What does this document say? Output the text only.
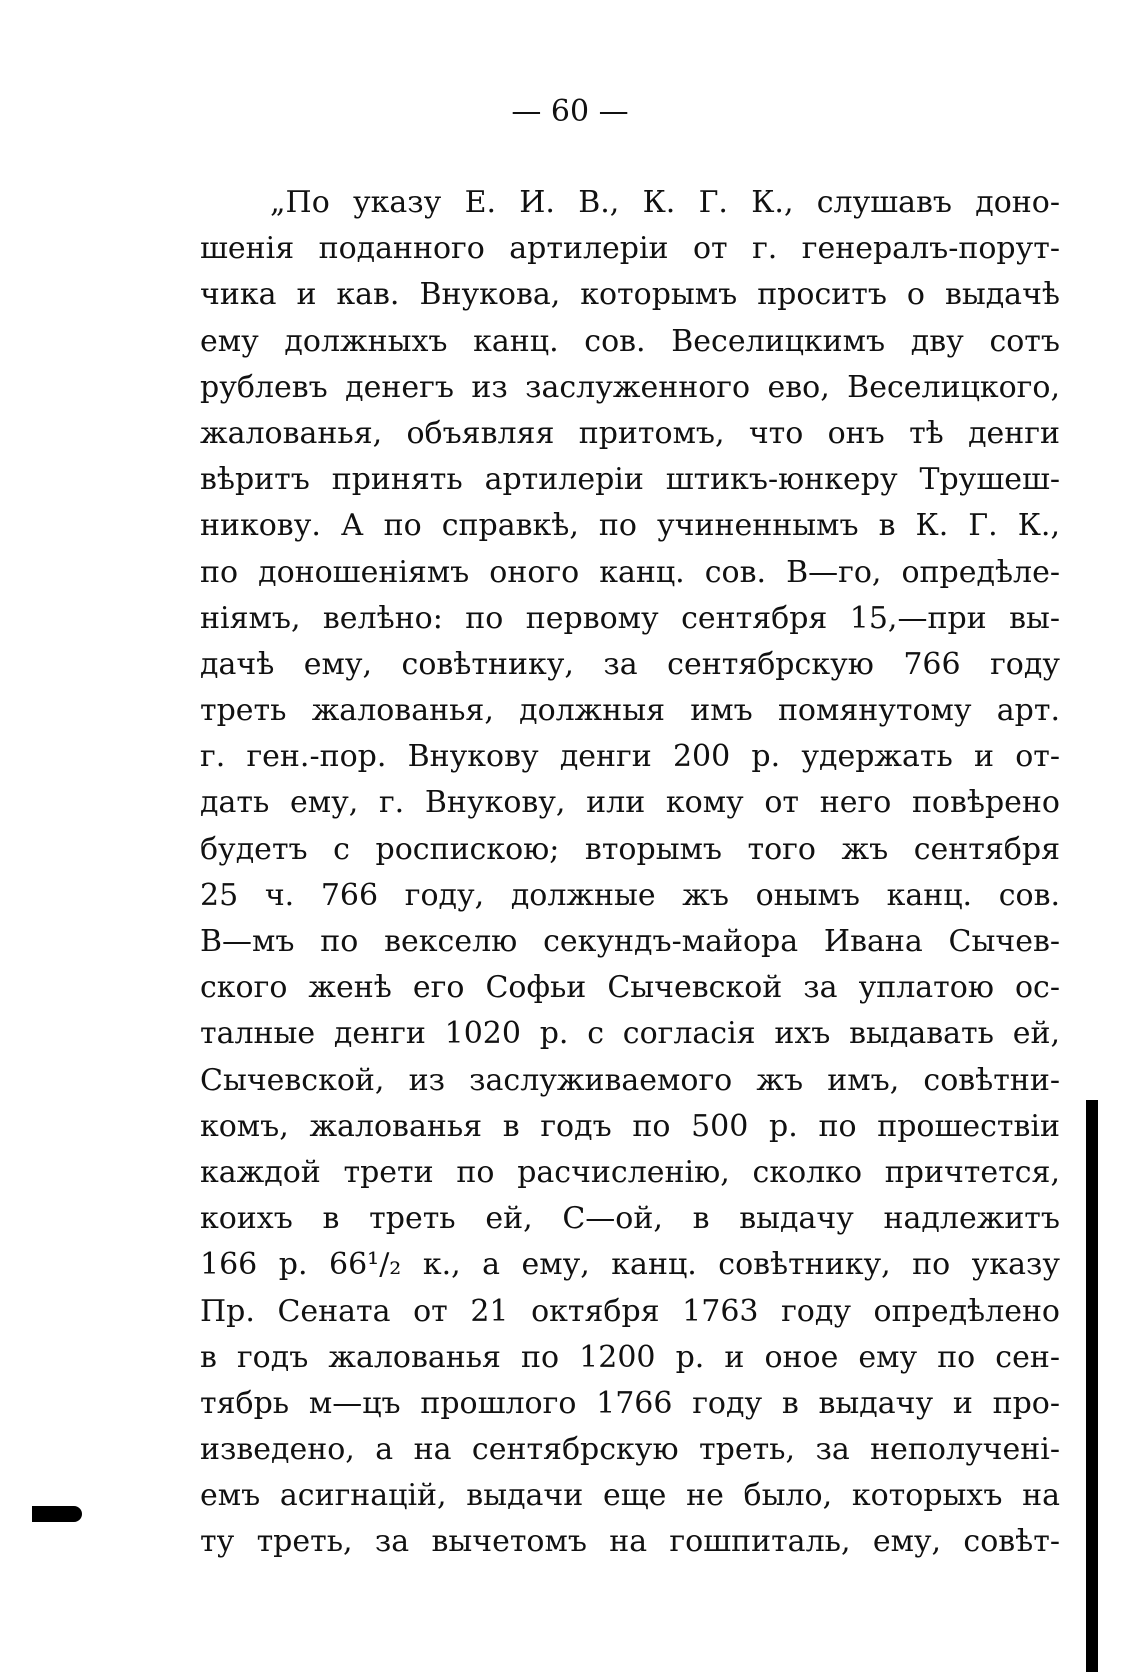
— 60 —
„По указу Е. И. В., К. Г. К., слушавъ доно-
шенія поданного артилеріи от г. генералъ-порут-
чика и кав. Внукова, которымъ проситъ о выдачѣ
ему должныхъ канц. сов. Веселицкимъ дву сотъ
рублевъ денегъ из заслуженного ево, Веселицкого,
жалованья, объявляя притомъ, что онъ тѣ денги
вѣритъ принять артилеріи штикъ-юнкеру Трушеш-
никову. А по справкѣ, по учиненнымъ в К. Г. К.,
по доношеніямъ оного канц. сов. В—го, опредѣле-
ніямъ, велѣно: по первому сентября 15,—при вы-
дачѣ ему, совѣтнику, за сентябрскую 766 году
треть жалованья, должныя имъ помянутому арт.
г. ген.-пор. Внукову денги 200 р. удержать и от-
дать ему, г. Внукову, или кому от него повѣрено
будетъ с роспискою; вторымъ того жъ сентября
25 ч. 766 году, должные жъ онымъ канц. сов.
В—мъ по векселю секундъ-майора Ивана Сычев-
ского женѣ его Софьи Сычевской за уплатою ос-
талные денги 1020 р. с согласія ихъ выдавать ей,
Сычевской, из заслуживаемого жъ имъ, совѣтни-
комъ, жалованья в годъ по 500 р. по прошествіи
каждой трети по расчисленію, сколко причтется,
коихъ в треть ей, С—ой, в выдачу надлежитъ
166 р. 66¹/₂ к., а ему, канц. совѣтнику, по указу
Пр. Сената от 21 октября 1763 году опредѣлено
в годъ жалованья по 1200 р. и оное ему по сен-
тябрь м—цъ прошлого 1766 году в выдачу и про-
изведено, а на сентябрскую треть, за неполучені-
емъ асигнацій, выдачи еще не было, которыхъ на
ту треть, за вычетомъ на гошпиталь, ему, совѣт-
